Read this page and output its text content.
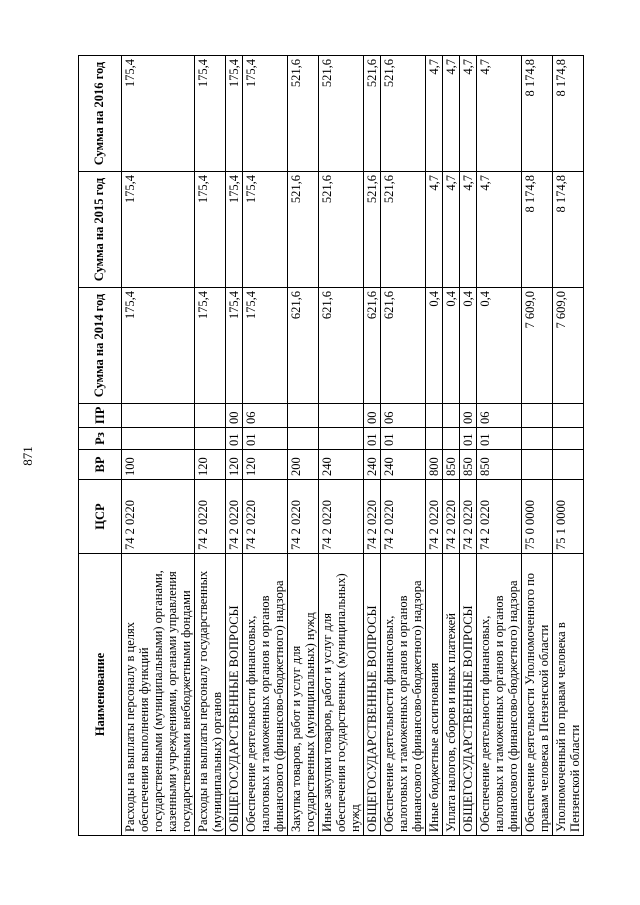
871
Наименование	ЦСР	ВР	Рз	ПР	Сумма на 2014 год	Сумма на 2015 год	Сумма на 2016 год
Расходы на выплаты персоналу в целях обеспечения выполнения функций государственными (муниципальными) органами, казенными учреждениями, органами управления государственными внебюджетными фондами	74 2 0220	100			175,4	175,4	175,4
Расходы на выплаты персоналу государственных (муниципальных) органов	74 2 0220	120			175,4	175,4	175,4
ОБЩЕГОСУДАРСТВЕННЫЕ ВОПРОСЫ	74 2 0220	120	01	00	175,4	175,4	175,4
Обеспечение деятельности финансовых, налоговых и таможенных органов и органов финансового (финансово-бюджетного) надзора	74 2 0220	120	01	06	175,4	175,4	175,4
Закупка товаров, работ и услуг для государственных (муниципальных) нужд	74 2 0220	200			621,6	521,6	521,6
Иные закупки товаров, работ и услуг для обеспечения государственных (муниципальных) нужд	74 2 0220	240			621,6	521,6	521,6
ОБЩЕГОСУДАРСТВЕННЫЕ ВОПРОСЫ	74 2 0220	240	01	00	621,6	521,6	521,6
Обеспечение деятельности финансовых, налоговых и таможенных органов и органов финансового (финансово-бюджетного) надзора	74 2 0220	240	01	06	621,6	521,6	521,6
Иные бюджетные ассигнования	74 2 0220	800			0,4	4,7	4,7
Уплата налогов, сборов и иных платежей	74 2 0220	850			0,4	4,7	4,7
ОБЩЕГОСУДАРСТВЕННЫЕ ВОПРОСЫ	74 2 0220	850	01	00	0,4	4,7	4,7
Обеспечение деятельности финансовых, налоговых и таможенных органов и органов финансового (финансово-бюджетного) надзора	74 2 0220	850	01	06	0,4	4,7	4,7
Обеспечение деятельности Уполномоченного по правам человека в Пензенской области	75 0 0000				7 609,0	8 174,8	8 174,8
Уполномоченный по правам человека в Пензенской области	75 1 0000				7 609,0	8 174,8	8 174,8
